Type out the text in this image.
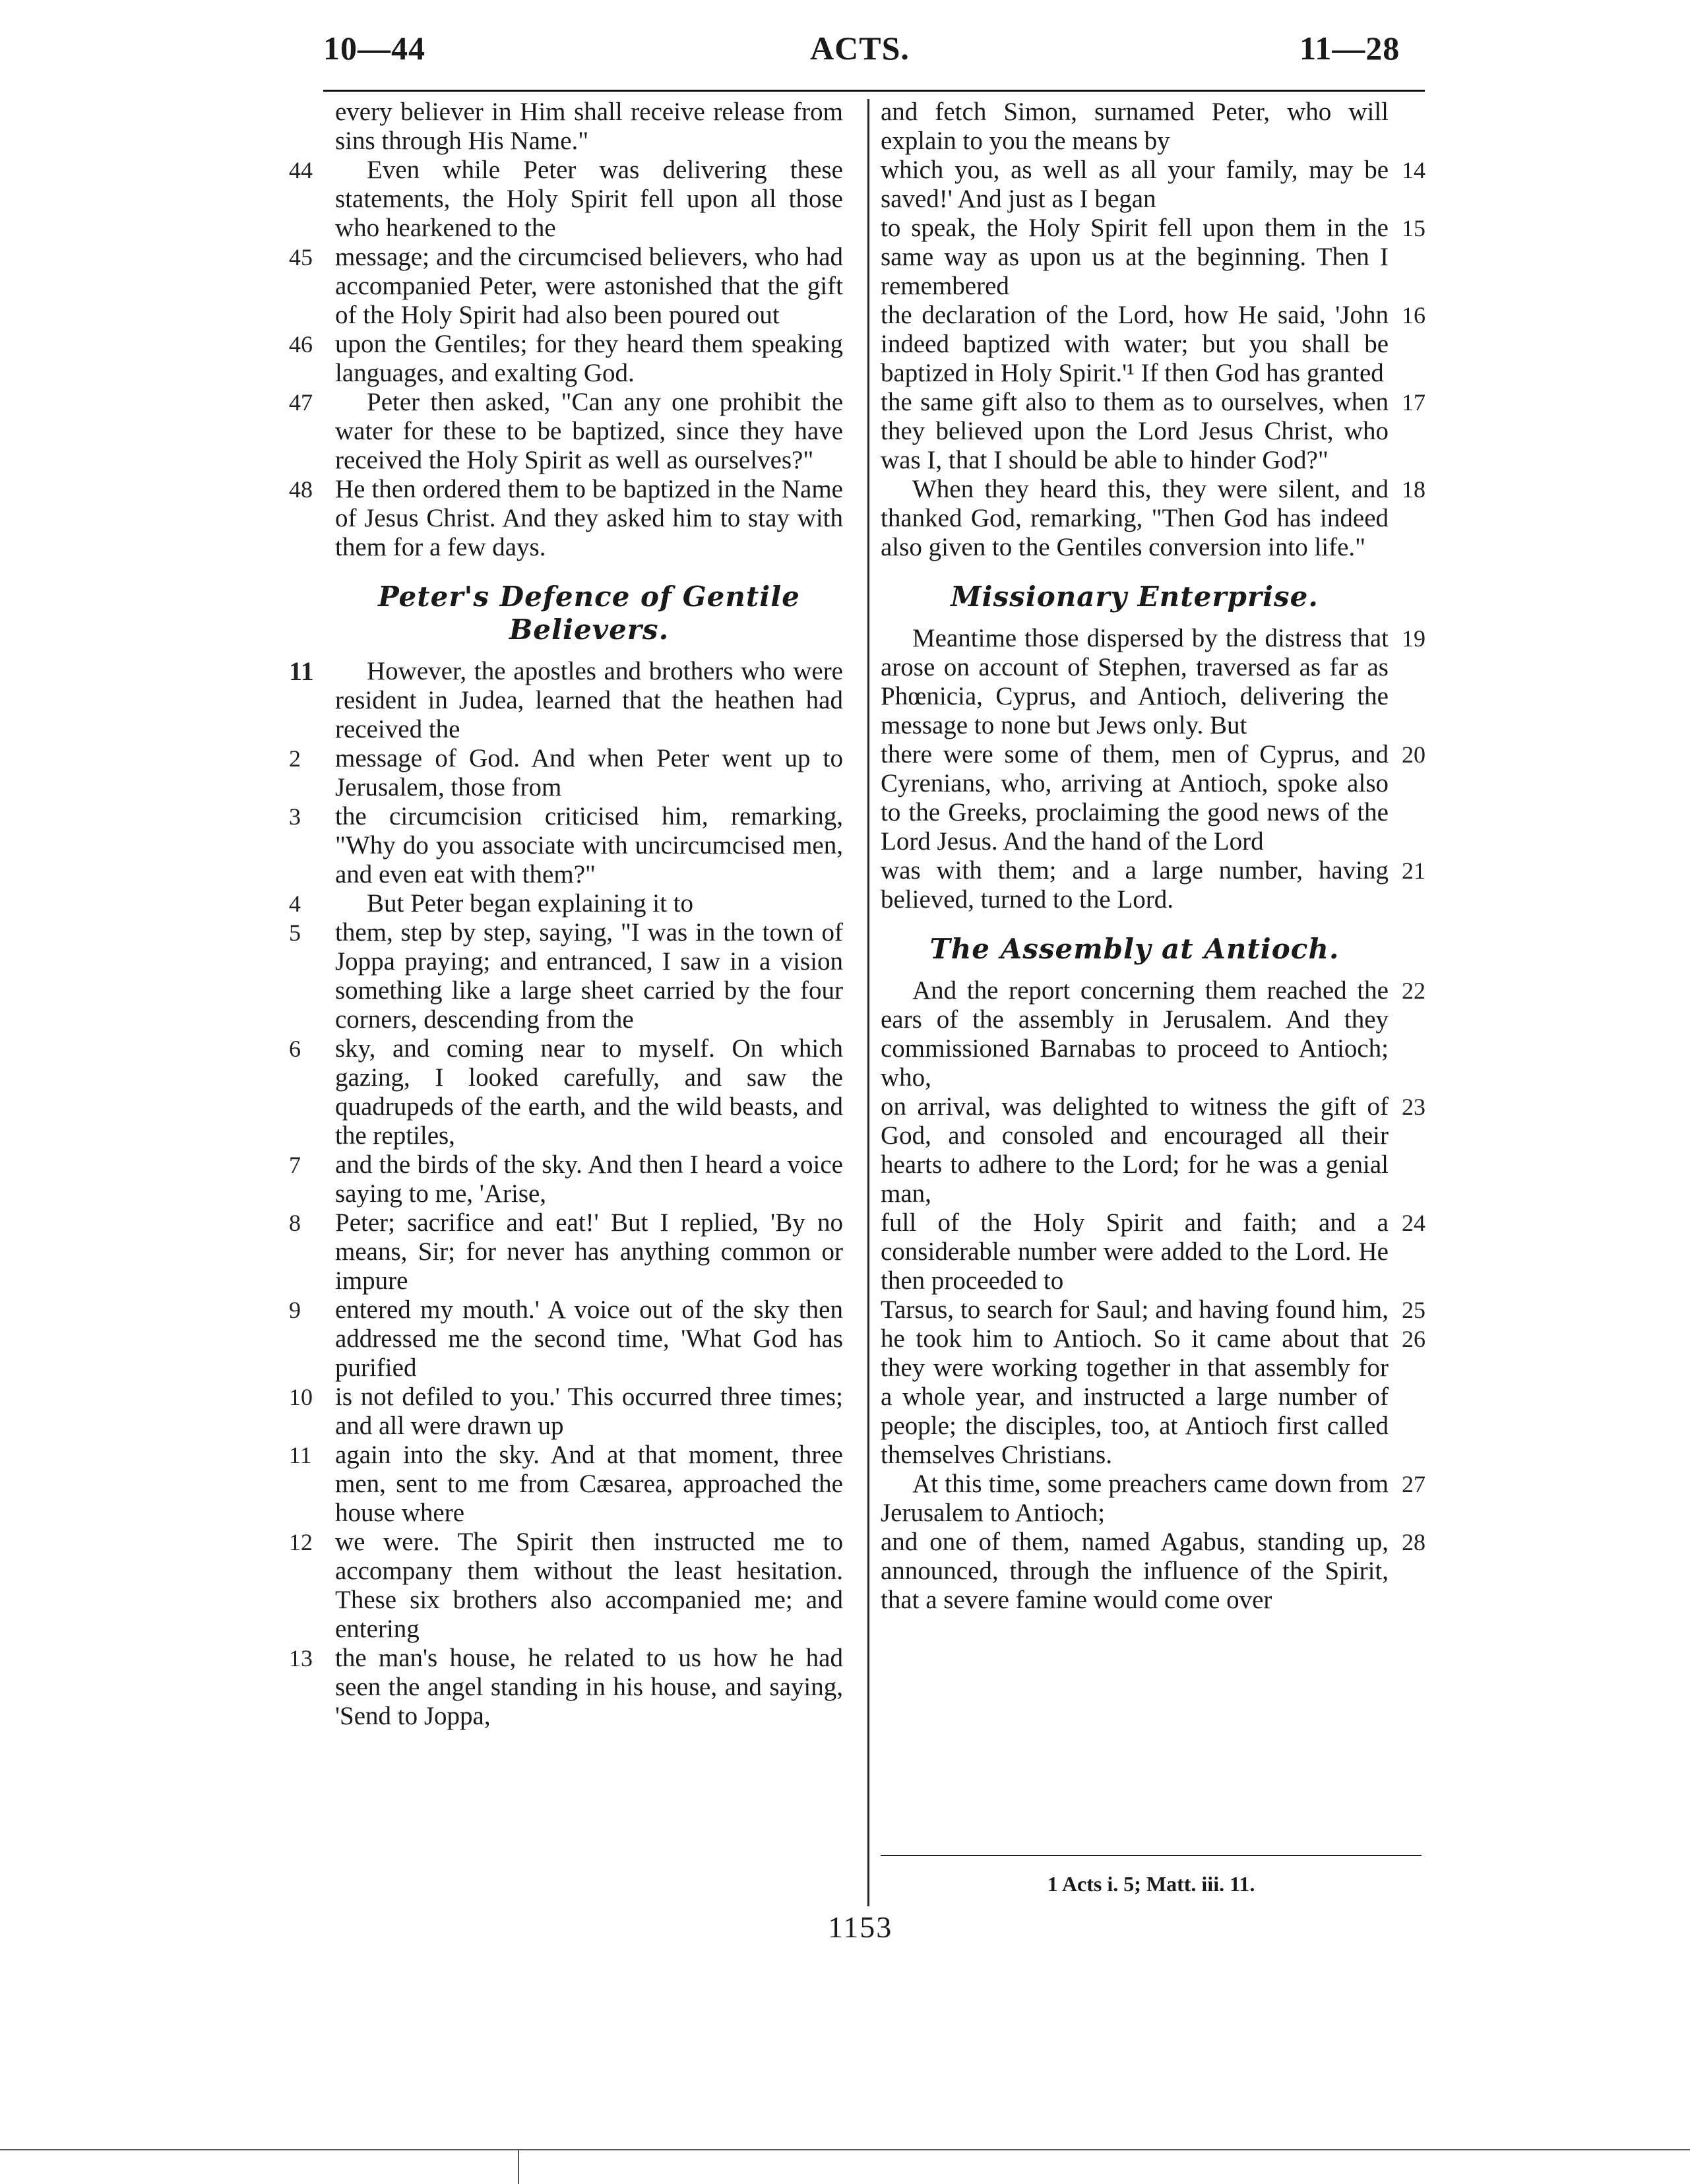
10—44	ACTS.	11—28
every believer in Him shall receive release from sins through His Name."
44	Even while Peter was delivering these statements, the Holy Spirit fell upon all those who hearkened to the
45 message; and the circumcised believers, who had accompanied Peter, were astonished that the gift of the Holy Spirit had also been poured out
46 upon the Gentiles; for they heard them speaking languages, and exalting God.
47	Peter then asked, "Can any one prohibit the water for these to be baptized, since they have received the Holy Spirit as well as ourselves?"
48 He then ordered them to be baptized in the Name of Jesus Christ. And they asked him to stay with them for a few days.
Peter's Defence of Gentile Believers.
11	However, the apostles and brothers who were resident in Judea, learned that the heathen had received the
2	message of God. And when Peter went up to Jerusalem, those from
3	the circumcision criticised him, remarking, "Why do you associate with uncircumcised men, and even eat with them?"
4	But Peter began explaining it to
5	them, step by step, saying, "I was in the town of Joppa praying; and entranced, I saw in a vision something like a large sheet carried by the four corners, descending from the
6	sky, and coming near to myself. On which gazing, I looked carefully, and saw the quadrupeds of the earth, and the wild beasts, and the reptiles,
7	and the birds of the sky. And then I heard a voice saying to me, 'Arise,
8	Peter; sacrifice and eat!' But I replied, 'By no means, Sir; for never has anything common or impure
9	entered my mouth.' A voice out of the sky then addressed me the second time, 'What God has purified
10 is not defiled to you.' This occurred three times; and all were drawn up
11 again into the sky. And at that moment, three men, sent to me from Cæsarea, approached the house where
12 we were. The Spirit then instructed me to accompany them without the least hesitation. These six brothers also accompanied me; and entering
13 the man's house, he related to us how he had seen the angel standing in his house, and saying, 'Send to Joppa,
and fetch Simon, surnamed Peter, who will explain to you the means by
14
which you, as well as all your family, may be saved!' And just as I began
15
to speak, the Holy Spirit fell upon them in the same way as upon us at the beginning. Then I remembered
16
the declaration of the Lord, how He said, 'John indeed baptized with water; but you shall be baptized in Holy Spirit.'¹ If then God has granted
17
the same gift also to them as to ourselves, when they believed upon the Lord Jesus Christ, who was I, that I should be able to hinder God?"
18
When they heard this, they were silent, and thanked God, remarking, "Then God has indeed also given to the Gentiles conversion into life."
Missionary Enterprise.
19
Meantime those dispersed by the distress that arose on account of Stephen, traversed as far as Phœnicia, Cyprus, and Antioch, delivering the message to none but Jews only. But
20
there were some of them, men of Cyprus, and Cyrenians, who, arriving at Antioch, spoke also to the Greeks, proclaiming the good news of the Lord Jesus. And the hand of the Lord
21
was with them; and a large number, having believed, turned to the Lord.
The Assembly at Antioch.
22
And the report concerning them reached the ears of the assembly in Jerusalem. And they commissioned Barnabas to proceed to Antioch; who,
23
on arrival, was delighted to witness the gift of God, and consoled and encouraged all their hearts to adhere to the Lord; for he was a genial man,
24
full of the Holy Spirit and faith; and a considerable number were added to the Lord. He then proceeded to
25 26
Tarsus, to search for Saul; and having found him, he took him to Antioch. So it came about that they were working together in that assembly for a whole year, and instructed a large number of people; the disciples, too, at Antioch first called themselves Christians.
27
At this time, some preachers came down from Jerusalem to Antioch;
28
and one of them, named Agabus, standing up, announced, through the influence of the Spirit, that a severe famine would come over
1 Acts i. 5; Matt. iii. 11.
1153
